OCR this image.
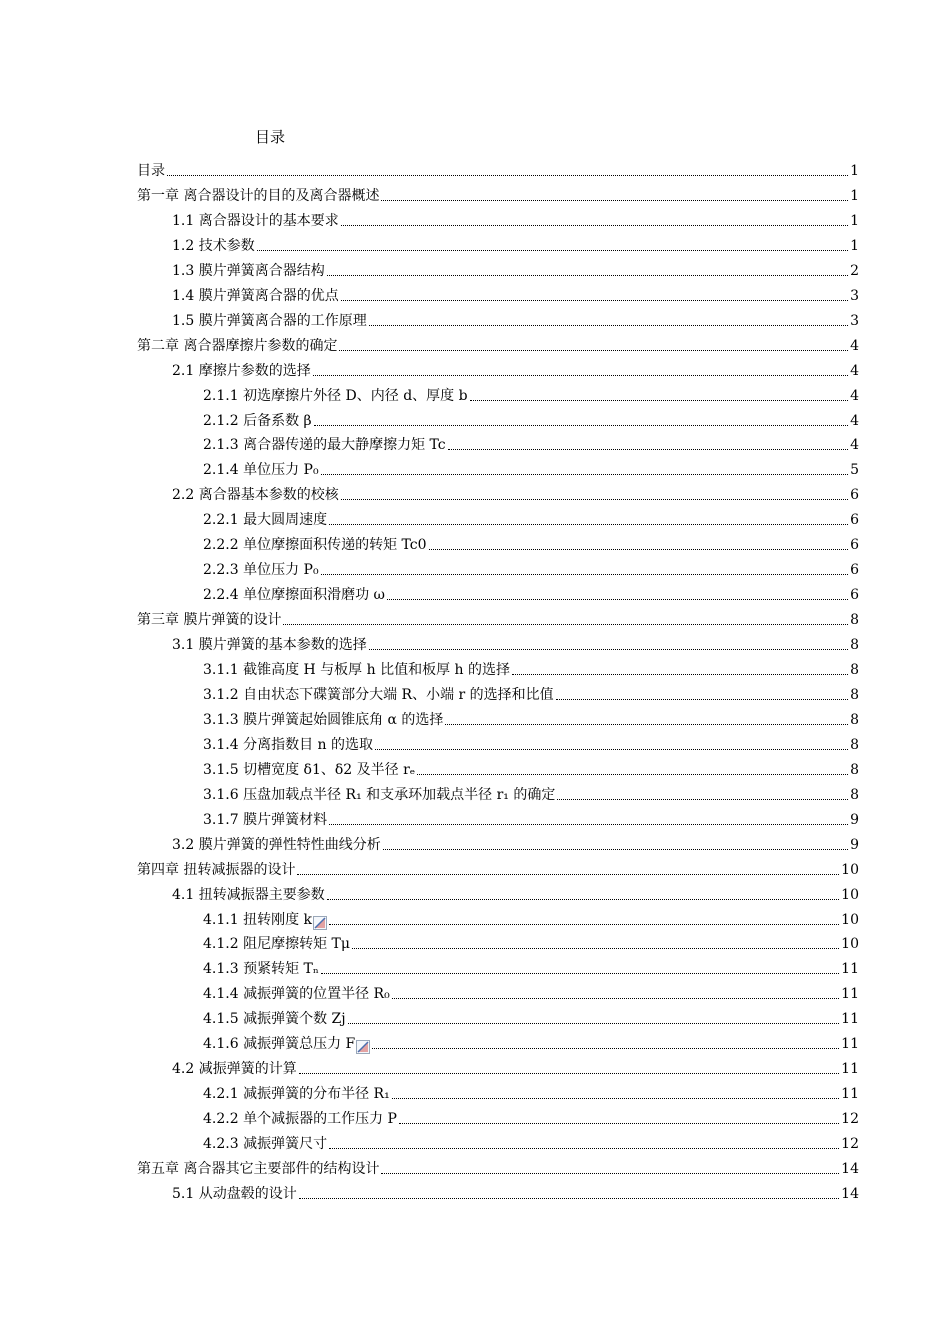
目录
目录	1
第一章 离合器设计的目的及离合器概述	1
1.1 离合器设计的基本要求	1
1.2 技术参数	1
1.3 膜片弹簧离合器结构	2
1.4 膜片弹簧离合器的优点	3
1.5 膜片弹簧离合器的工作原理	3
第二章 离合器摩擦片参数的确定	4
2.1 摩擦片参数的选择	4
2.1.1 初选摩擦片外径 D、内径 d、厚度 b	4
2.1.2 后备系数 β	4
2.1.3 离合器传递的最大静摩擦力矩 Tc	4
2.1.4 单位压力 P₀	5
2.2 离合器基本参数的校核	6
2.2.1 最大圆周速度	6
2.2.2 单位摩擦面积传递的转矩 Tc0	6
2.2.3 单位压力 P₀	6
2.2.4 单位摩擦面积滑磨功 ω	6
第三章 膜片弹簧的设计	8
3.1 膜片弹簧的基本参数的选择	8
3.1.1 截锥高度 H 与板厚 h 比值和板厚 h 的选择	8
3.1.2 自由状态下碟簧部分大端 R、小端 r 的选择和比值	8
3.1.3 膜片弹簧起始圆锥底角 α 的选择	8
3.1.4 分离指数目 n 的选取	8
3.1.5 切槽宽度 δ1、δ2 及半径 rₑ	8
3.1.6 压盘加载点半径 R₁ 和支承环加载点半径 r₁ 的确定	8
3.1.7 膜片弹簧材料	9
3.2 膜片弹簧的弹性特性曲线分析	9
第四章 扭转减振器的设计	10
4.1 扭转减振器主要参数	10
4.1.1 扭转刚度 k	10
4.1.2 阻尼摩擦转矩 Tμ	10
4.1.3 预紧转矩 Tₙ	11
4.1.4 减振弹簧的位置半径 R₀	11
4.1.5 减振弹簧个数 Zj	11
4.1.6 减振弹簧总压力 F	11
4.2 减振弹簧的计算	11
4.2.1 减振弹簧的分布半径 R₁	11
4.2.2 单个减振器的工作压力 P	12
4.2.3 减振弹簧尺寸	12
第五章 离合器其它主要部件的结构设计	14
5.1 从动盘毂的设计	14
